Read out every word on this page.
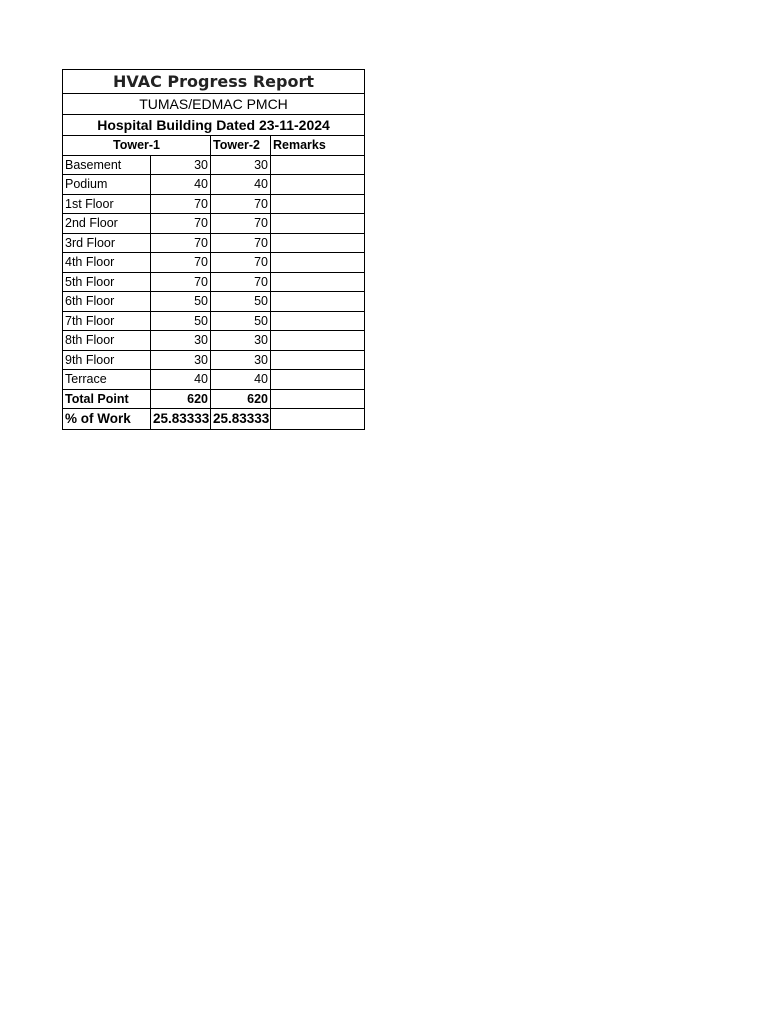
HVAC Progress Report			
TUMAS/EDMAC PMCH			
Hospital Building Dated 23-11-2024			
Tower-1		Tower-2	Remarks
Basement	30	30	
Podium	40	40	
1st Floor	70	70	
2nd Floor	70	70	
3rd Floor	70	70	
4th Floor	70	70	
5th Floor	70	70	
6th Floor	50	50	
7th Floor	50	50	
8th Floor	30	30	
9th Floor	30	30	
Terrace	40	40	
Total Point	620	620	
% of Work	25.83333	25.83333	
